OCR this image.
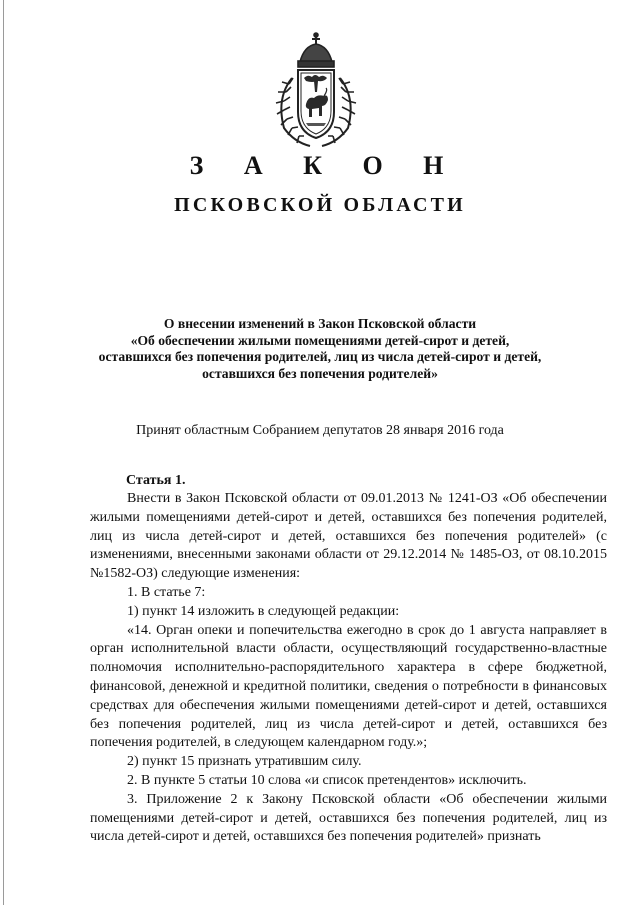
З А К О Н
ПСКОВСКОЙ ОБЛАСТИ
О внесении изменений в Закон Псковской области
«Об обеспечении жилыми помещениями детей-сирот и детей,
оставшихся без попечения родителей, лиц из числа детей-сирот и детей,
оставшихся без попечения родителей»
Принят областным Собранием депутатов 28 января 2016 года
Статья 1.

Внести в Закон Псковской области от 09.01.2013 № 1241-ОЗ «Об обеспечении жилыми помещениями детей-сирот и детей, оставшихся без попечения родителей, лиц из числа детей-сирот и детей, оставшихся без попечения родителей» (с изменениями, внесенными законами области от 29.12.2014 № 1485-ОЗ, от 08.10.2015 №1582-ОЗ) следующие изменения:

1. В статье 7:

1) пункт 14 изложить в следующей редакции:

«14. Орган опеки и попечительства ежегодно в срок до 1 августа направляет в орган исполнительной власти области, осуществляющий государственно-властные полномочия исполнительно-распорядительного характера в сфере бюджетной, финансовой, денежной и кредитной политики, сведения о потребности в финансовых средствах для обеспечения жилыми помещениями детей-сирот и детей, оставшихся без попечения родителей, лиц из числа детей-сирот и детей, оставшихся без попечения родителей, в следующем календарном году.»;

2) пункт 15 признать утратившим силу.

2. В пункте 5 статьи 10 слова «и список претендентов» исключить.

3. Приложение 2 к Закону Псковской области «Об обеспечении жилыми помещениями детей-сирот и детей, оставшихся без попечения родителей, лиц из числа детей-сирот и детей, оставшихся без попечения родителей» признать
